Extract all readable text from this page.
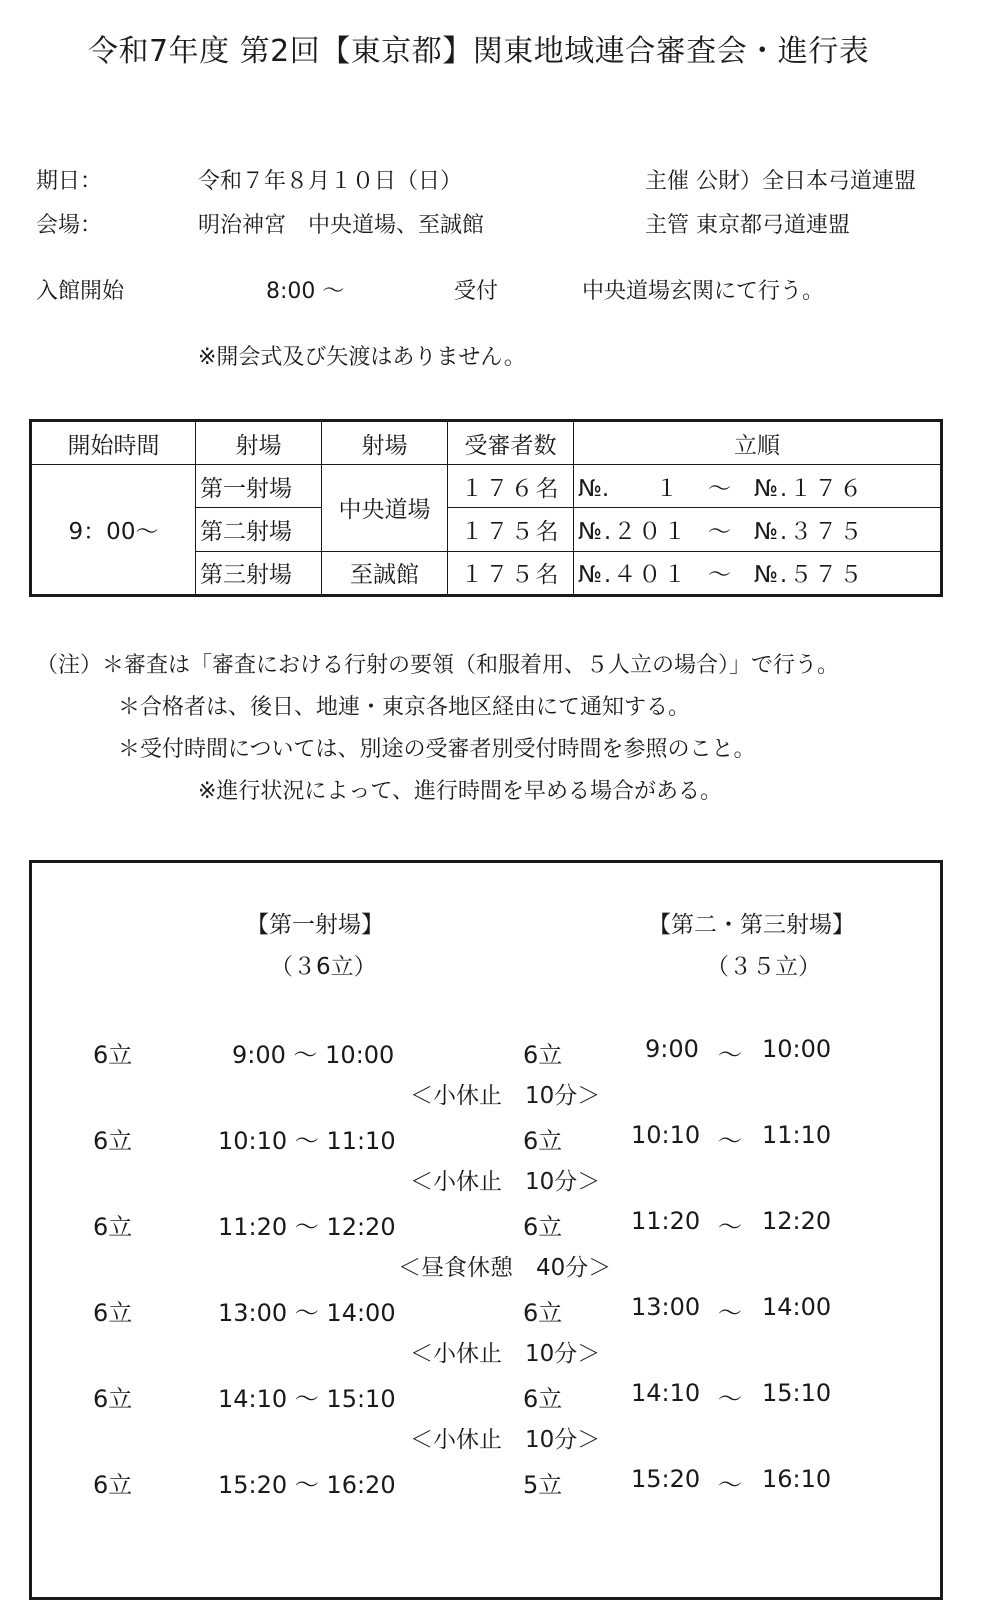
令和7年度 第2回【東京都】関東地域連合審査会・進行表
期日：	令和７年８月１０日（日）	主催 公財）全日本弓道連盟
会場：	明治神宮　中央道場、至誠館	主管 東京都弓道連盟
入館開始	8:00 ～	受付	中央道場玄関にて行う。
※開会式及び矢渡はありません。
開始時間	射場	射場	受審者数	立順
9：00～	第一射場	中央道場	１７６名	№.　　１ ～ №.１７６

	第二射場		１７５名	№.２０１ ～ №.３７５

	第三射場	至誠館	１７５名	№.４０１ ～ №.５７５
（注）＊審査は「審査における行射の要領（和服着用、５人立の場合）」で行う。
＊合格者は、後日、地連・東京各地区経由にて通知する。
＊受付時間については、別途の受審者別受付時間を参照のこと。
※進行状況によって、進行時間を早める場合がある。
【第一射場】
（３6立）
【第二・第三射場】
（３５立）
6立	9:00 〜 10:00	6立	9:00 〜 10:00
＜小休止　10分＞
6立	10:10 〜 11:10	6立	10:10 〜 11:10
＜小休止　10分＞
6立	11:20 〜 12:20	6立	11:20 〜 12:20
＜昼食休憩　40分＞
6立	13:00 〜 14:00	6立	13:00 〜 14:00
＜小休止　10分＞
6立	14:10 〜 15:10	6立	14:10 〜 15:10
＜小休止　10分＞
6立	15:20 〜 16:20	5立	15:20 〜 16:10
